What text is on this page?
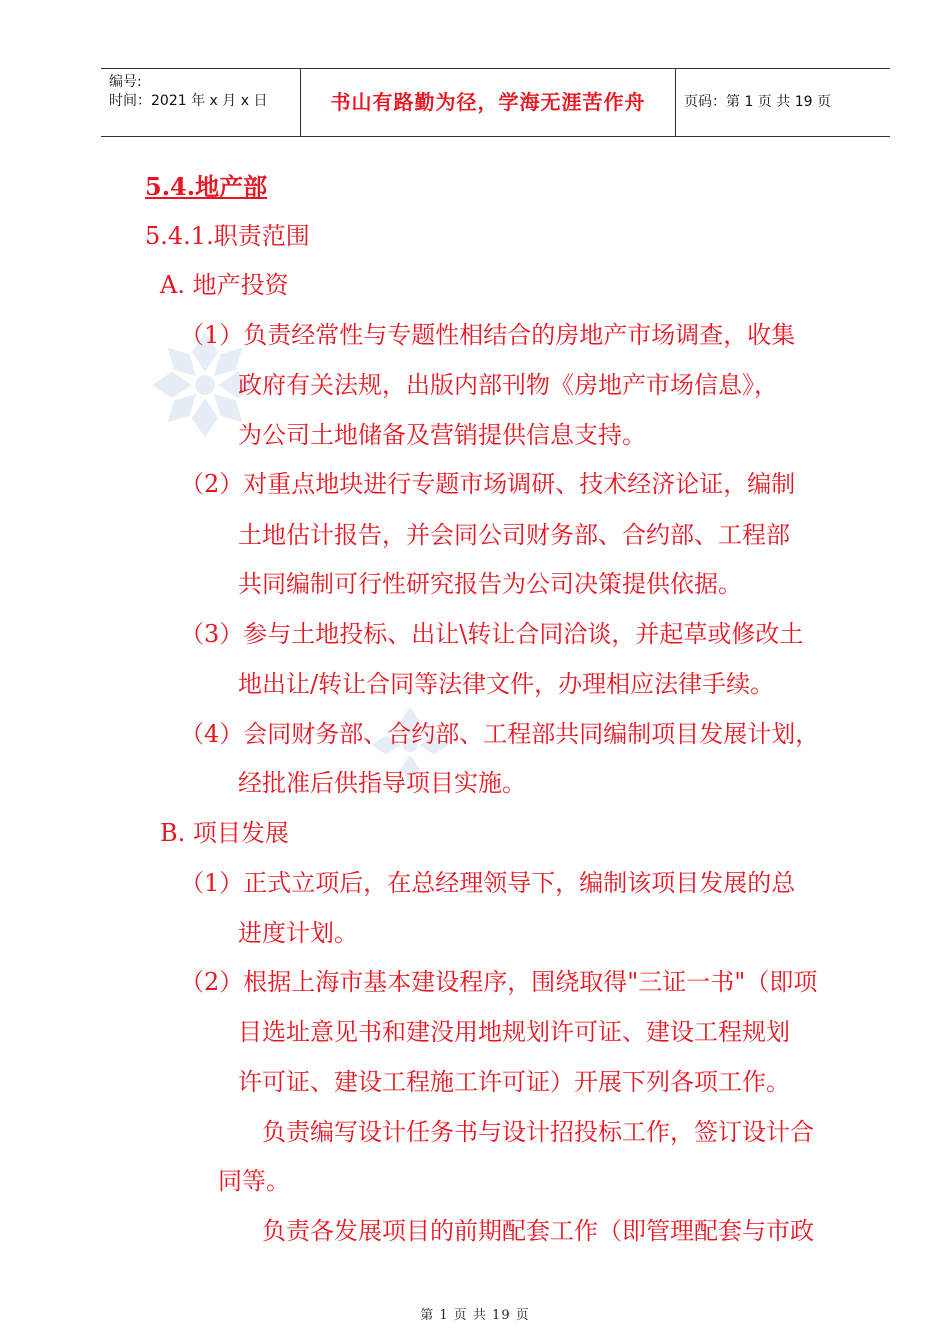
编号:
时间：2021 年 x 月 x 日	书山有路勤为径，学海无涯苦作舟	页码：第 1 页 共 19 页
5.4.地产部
5.4.1.职责范围
A. 地产投资
（1）负责经常性与专题性相结合的房地产市场调查，收集
政府有关法规，出版内部刊物《房地产市场信息》，
为公司土地储备及营销提供信息支持。
（2）对重点地块进行专题市场调研、技术经济论证，编制
土地估计报告，并会同公司财务部、合约部、工程部
共同编制可行性研究报告为公司决策提供依据。
（3）参与土地投标、出让\转让合同洽谈，并起草或修改土
地出让/转让合同等法律文件，办理相应法律手续。
（4）会同财务部、合约部、工程部共同编制项目发展计划，
经批准后供指导项目实施。
B. 项目发展
（1）正式立项后，在总经理领导下，编制该项目发展的总
进度计划。
（2）根据上海市基本建设程序，围绕取得"三证一书"（即项
目选址意见书和建没用地规划许可证、建设工程规划
许可证、建设工程施工许可证）开展下列各项工作。
负责编写设计任务书与设计招投标工作，签订设计合
同等。
负责各发展项目的前期配套工作（即管理配套与市政
第 1 页 共 19 页
